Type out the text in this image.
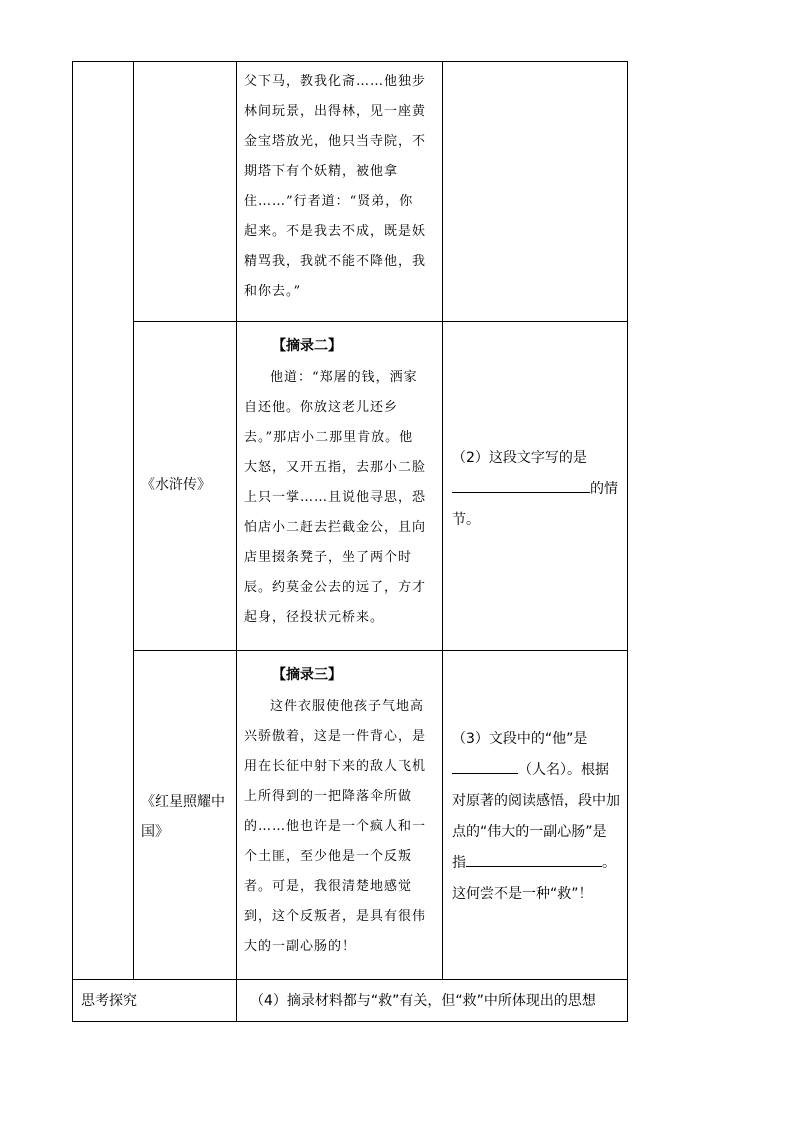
父下马，教我化斋……他独步
林间玩景，出得林，见一座黄
金宝塔放光，他只当寺院，不
期塔下有个妖精，被他拿
住……”行者道：“贤弟，你
起来。不是我去不成，既是妖
精骂我，我就不能不降他，我
和你去。”
《水浒传》
【摘录二】
他道：“郑屠的钱，洒家
自还他。你放这老儿还乡
去。”那店小二那里肯放。他
大怒，又开五指，去那小二脸
上只一掌……且说他寻思，恐
怕店小二赶去拦截金公，且向
店里掇条凳子，坐了两个时
辰。约莫金公去的远了，方才
起身，径投状元桥来。
（2）这段文字写的是
的情
节。
《红星照耀中
国》
【摘录三】
这件衣服使他孩子气地高
兴骄傲着，这是一件背心，是
用在长征中射下来的敌人飞机
上所得到的一把降落伞所做
的……他也许是一个疯人和一
个土匪，至少他是一个反叛
者。可是，我很清楚地感觉
到，这个反叛者，是具有很伟
大的一副心肠的！
（3）文段中的“他”是
（人名）。根据
对原著的阅读感悟，段中加
点的“伟大的一副心肠”是
指	。
这何尝不是一种“救”！
思考探究	（4）摘录材料都与“救”有关，但“救”中所体现出的思想
